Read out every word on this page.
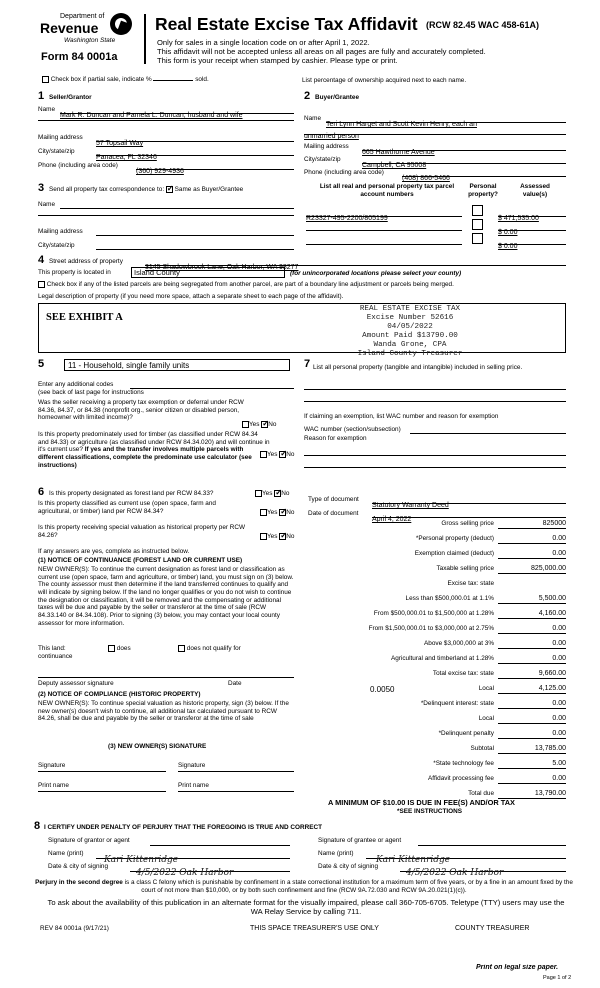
Department of
Revenue
Washington State
Form 84 0001a
Real Estate Excise Tax Affidavit (RCW 82.45 WAC 458-61A)
Only for sales in a single location code on or after April 1, 2022.
This affidavit will not be accepted unless all areas on all pages are fully and accurately completed.
This form is your receipt when stamped by cashier. Please type or print.
Check box if partial sale, indicate %	sold.	List percentage of ownership acquired next to each name.
1 Seller/Grantor
Name
Mark R. Duncan and Pamela L. Duncan, husband and wife
Mailing address
57 Topsail Way
City/state/zip
Panacea, FL 32346
Phone (including area code)
(360) 929-4936
2 Buyer/Grantee
Name
Teri Lynn Harget and Scott Kevin Henry, each an
unmarried person
Mailing address
665 Hawthorne Avenue
City/state/zip
Campbell, CA 95008
Phone (including area code)
(408) 866-5466
3 Send all property tax correspondence to: ✓ Same as Buyer/Grantee
Name
Mailing address
City/state/zip
List all real and personal property tax parcel account numbers
Personal property?
Assessed value(s)
R23327-495-2200/805199	$ 471,535.00
$ 0.00
$ 0.00
4 Street address of property
3145 Shadowbrook Lane, Oak Harbor, WA 98277
This property is located in	Island County	(for unincorporated locations please select your county)
Check box if any of the listed parcels are being segregated from another parcel, are part of a boundary line adjustment or parcels being merged.
Legal description of property (if you need more space, attach a separate sheet to each page of the affidavit).
SEE EXHIBIT A
REAL ESTATE EXCISE TAX
Excise Number 52616
04/05/2022
Amount Paid $13790.00
Wanda Grone, CPA
Island County Treasurer
5	11 - Household, single family units
Enter any additional codes
(see back of last page for instructions
Was the seller receiving a property tax exemption or deferral under RCW 84.36, 84.37, or 84.38 (nonprofit org., senior citizen or disabled person, homeowner with limited income)?
Yes ✓ No
Is this property predominately used for timber (as classified under RCW 84.34 and 84.33) or agriculture (as classified under RCW 84.34.020) and will continue in it's current use? If yes and the transfer involves multiple parcels with different classifications, complete the predominate use calculator (see instructions)
Yes ✓ No
7 List all personal property (tangible and intangible) included in selling price.
If claiming an exemption, list WAC number and reason for exemption
WAC number (section/subsection)
Reason for exemption
Type of document
Statutory Warranty Deed
Date of document
April 4, 2022
6 Is this property designated as forest land per RCW 84.33?	Yes ✓ No
Is this property classified as current use (open space, farm and agricultural, or timber) land per RCW 84.34?	Yes ✓ No
Is this property receiving special valuation as historical property per RCW 84.26?	Yes ✓ No
If any answers are yes, complete as instructed below.
(1) NOTICE OF CONTINUANCE (FOREST LAND OR CURRENT USE)
NEW OWNER(S): To continue the current designation as forest land or classification as current use (open space, farm and agriculture, or timber) land, you must sign on (3) below. The county assessor must then determine if the land transferred continues to qualify and will indicate by signing below. If the land no longer qualifies or you do not wish to continue the designation or classification, it will be removed and the compensating or additional taxes will be due and payable by the seller or transferor at the time of sale (RCW 84.33.140 or 84.34.108). Prior to signing (3) below, you may contact your local county assessor for more information.
This land:
continuance
does	does not qualify for
Deputy assessor signature	Date
(2) NOTICE OF COMPLIANCE (HISTORIC PROPERTY)
NEW OWNER(S): To continue special valuation as historic property, sign (3) below. If the new owner(s) doesn't wish to continue, all additional tax calculated pursuant to RCW 84.26, shall be due and payable by the seller or transferor at the time of sale
(3) NEW OWNER(S) SIGNATURE
Signature	Signature
Print name	Print name
Gross selling price	825000
*Personal property (deduct)	0.00
Exemption claimed (deduct)	0.00
Taxable selling price	825,000.00
Excise tax: state
Less than $500,000.01 at 1.1%	5,500.00
From $500,000.01 to $1,500,000 at 1.28%	4,160.00
From $1,500,000.01 to $3,000,000 at 2.75%	0.00
Above $3,000,000 at 3%	0.00
Agricultural and timberland at 1.28%	0.00
Total excise tax: state	9,660.00
0.0050	Local	4,125.00
*Delinquent interest: state	0.00
Local	0.00
*Delinquent penalty	0.00
Subtotal	13,785.00
*State technology fee	5.00
Affidavit processing fee	0.00
Total due	13,790.00
A MINIMUM OF $10.00 IS DUE IN FEE(S) AND/OR TAX
*SEE INSTRUCTIONS
8 I CERTIFY UNDER PENALTY OF PERJURY THAT THE FOREGOING IS TRUE AND CORRECT
Signature of grantor or agent
Name (print)
Kari Kittenridge
Date & city of signing
4/5/2022 Oak Harbor
Signature of grantee or agent
Name (print)
Kari Kittenridge
Date & city of signing
4/5/2022 Oak Harbor
Perjury in the second degree is a class C felony which is punishable by confinement in a state correctional institution for a maximum term of five years, or by a fine in an amount fixed by the court of not more than $10,000, or by both such confinement and fine (RCW 9A.72.030 and RCW 9A.20.021(1)(c)).
To ask about the availability of this publication in an alternate format for the visually impaired, please call 360-705-6705. Teletype (TTY) users may use the WA Relay Service by calling 711.
REV 84 0001a (9/17/21)	THIS SPACE TREASURER'S USE ONLY	COUNTY TREASURER
Print on legal size paper.
Page 1 of 2
